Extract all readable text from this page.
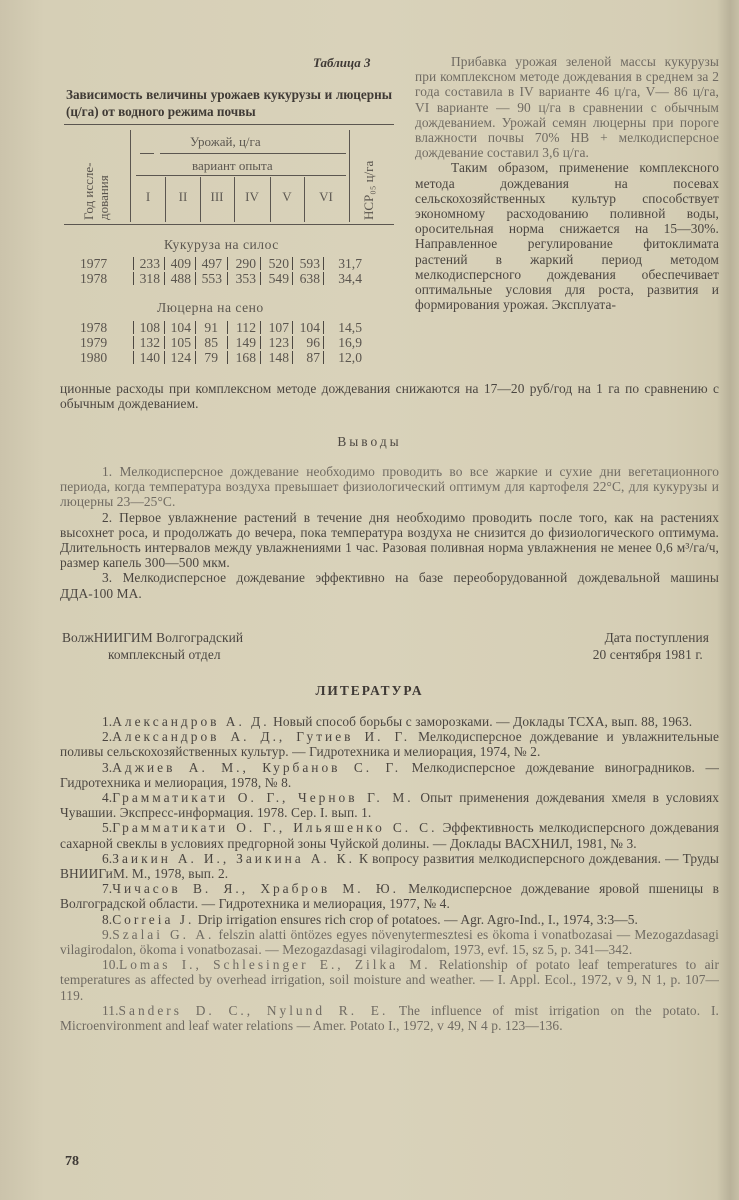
Таблица 3
Зависимость величины урожаев кукурузы и люцерны (ц/га) от водного режима почвы
Год иссле- дования	НСР₀₅ ц/га
Урожай, ц/га
вариант опыта
I	II	III	IV	V	VI
Кукуруза на силос
1977	233 409 497	290 520 593	31,7
1978	318 488 553	353 549 638	34,4
Люцерна на сено
1978	108 104 91	112 107 104	14,5
1979	132 105 85	149 123	96	16,9
1980	140 124 79	168 148	87	12,0

Прибавка урожая зеленой массы кукурузы при комплексном методе дождевания в среднем за 2 года составила в IV варианте 46 ц/га, V— 86 ц/га, VI варианте — 90 ц/га в сравнении с обычным дождеванием. Урожай семян люцерны при пороге влажности почвы 70% НВ + мелкодисперсное дождевание составил 3,6 ц/га.

Таким образом, применение комплексного метода дождевания на посевах сельскохозяйственных культур способствует экономному расходованию поливной воды, оросительная норма снижается на 15—30%. Направленное регулирование фитоклимата растений в жаркий период методом мелкодисперсного дождевания обеспечивает оптимальные условия для роста, развития и формирования урожая. Эксплуата-

ционные расходы при комплексном методе дождевания снижаются на 17—20 руб/год на 1 га по сравнению с обычным дождеванием.

Выводы

1. Мелкодисперсное дождевание необходимо проводить во все жаркие и сухие дни вегетационного периода, когда температура воздуха превышает физиологический оптимум для картофеля 22°С, для кукурузы и люцерны 23—25°С.

2. Первое увлажнение растений в течение дня необходимо проводить после того, как на растениях высохнет роса, и продолжать до вечера, пока температура воздуха не снизится до физиологического оптимума. Длительность интервалов между увлажнениями 1 час. Разовая поливная норма увлажнения не менее 0,6 м³/га/ч, размер капель 300—500 мкм.

3. Мелкодисперсное дождевание эффективно на базе переоборудованной дождевальной машины ДДА-100 МА.

ВолжНИИГИМ Волгоградский
комплексный отдел
Дата поступления
20 сентября 1981 г.
ЛИТЕРАТУРА

1.Александров А. Д. Новый способ борьбы с заморозками. — Доклады ТСХА, вып. 88, 1963.

2.Александров А. Д., Гутиев И. Г. Мелкодисперсное дождевание и увлажнительные поливы сельскохозяйственных культур. — Гидротехника и мелиорация, 1974, № 2.

3.Аджиев А. М., Курбанов С. Г. Мелкодисперсное дождевание виноградников. — Гидротехника и мелиорация, 1978, № 8.

4.Грамматикати О. Г., Чернов Г. М. Опыт применения дождевания хмеля в условиях Чувашии. Экспресс-информация. 1978. Сер. I. вып. 1.

5.Грамматикати О. Г., Ильяшенко С. С. Эффективность мелкодисперсного дождевания сахарной свеклы в условиях предгорной зоны Чуйской долины. — Доклады ВАСХНИЛ, 1981, № 3.

6.Заикин А. И., Заикина А. К. К вопросу развития мелкодисперсного дождевания. — Труды ВНИИГиМ. М., 1978, вып. 2.

7.Чичасов В. Я., Храбров М. Ю. Мелкодисперсное дождевание яровой пшеницы в Волгоградской области. — Гидротехника и мелиорация, 1977, № 4.

8.Correia J. Drip irrigation ensures rich crop of potatoes. — Agr. Agro-Ind., I., 1974, 3:3—5.

9.Szalai G. A. felszin alatti öntözes egyes növenytermesztesi es ökoma i vonatbozasai — Mezogazdasagi vilagirodalon, ökoma i vonatbozasai. — Mezogazdasagi vilagirodalom, 1973, evf. 15, sz 5, p. 341—342.

10.Lomas I., Schlesinger E., Zilka M. Relationship of potato leaf temperatures to air temperatures as affected by overhead irrigation, soil moisture and weather. — I. Appl. Ecol., 1972, v 9, N 1, p. 107—119.

11.Sanders D. C., Nylund R. E. The influence of mist irrigation on the potato. I. Microenvironment and leaf water relations — Amer. Potato I., 1972, v 49, N 4 p. 123—136.

78
